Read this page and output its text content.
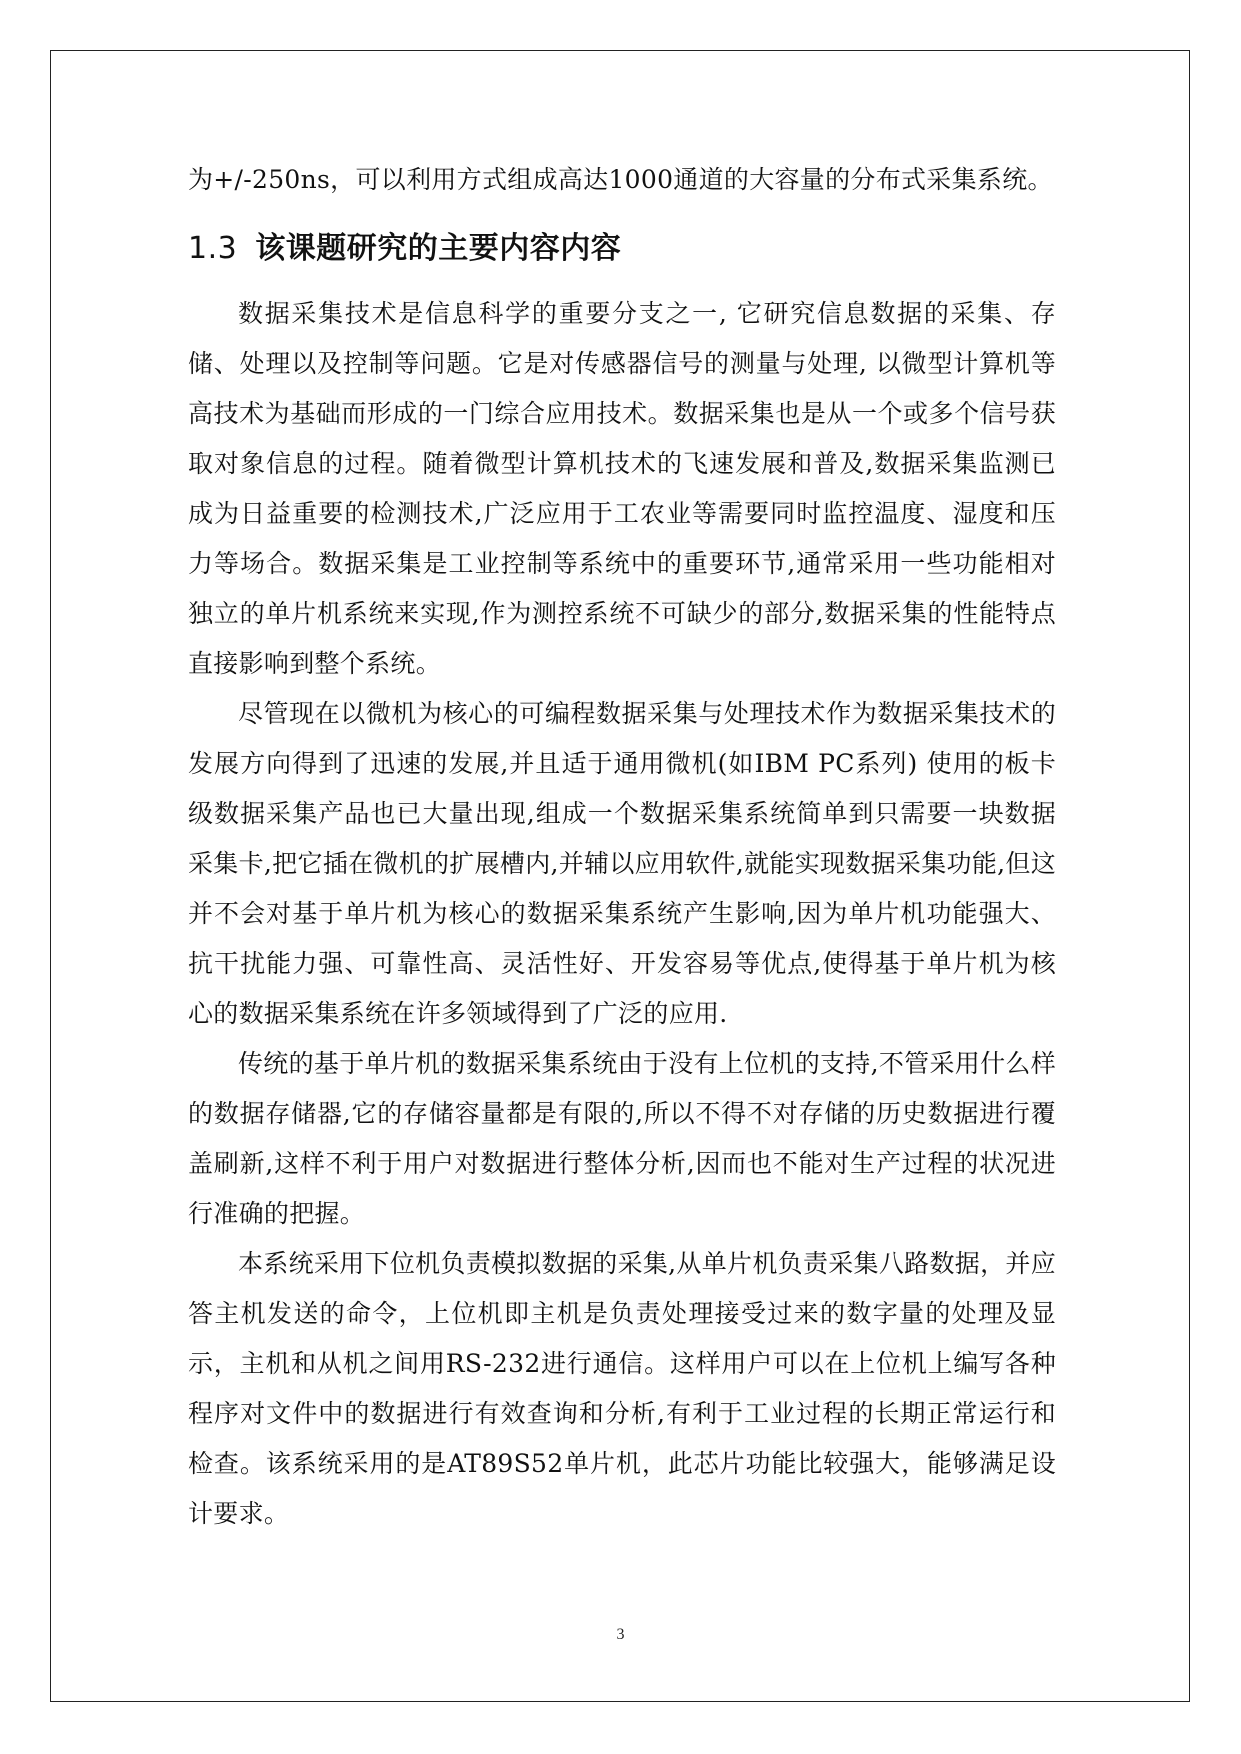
为+/-250ns，可以利用方式组成高达1000通道的大容量的分布式采集系统。

1.3 该课题研究的主要内容内容

数据采集技术是信息科学的重要分支之一, 它研究信息数据的采集、存储、处理以及控制等问题。它是对传感器信号的测量与处理, 以微型计算机等高技术为基础而形成的一门综合应用技术。数据采集也是从一个或多个信号获取对象信息的过程。随着微型计算机技术的飞速发展和普及,数据采集监测已成为日益重要的检测技术,广泛应用于工农业等需要同时监控温度、湿度和压力等场合。数据采集是工业控制等系统中的重要环节,通常采用一些功能相对独立的单片机系统来实现,作为测控系统不可缺少的部分,数据采集的性能特点直接影响到整个系统。

尽管现在以微机为核心的可编程数据采集与处理技术作为数据采集技术的发展方向得到了迅速的发展,并且适于通用微机(如IBM PC系列) 使用的板卡级数据采集产品也已大量出现,组成一个数据采集系统简单到只需要一块数据采集卡,把它插在微机的扩展槽内,并辅以应用软件,就能实现数据采集功能,但这并不会对基于单片机为核心的数据采集系统产生影响,因为单片机功能强大、抗干扰能力强、可靠性高、灵活性好、开发容易等优点,使得基于单片机为核心的数据采集系统在许多领域得到了广泛的应用.

传统的基于单片机的数据采集系统由于没有上位机的支持,不管采用什么样的数据存储器,它的存储容量都是有限的,所以不得不对存储的历史数据进行覆盖刷新,这样不利于用户对数据进行整体分析,因而也不能对生产过程的状况进行准确的把握。

本系统采用下位机负责模拟数据的采集,从单片机负责采集八路数据，并应答主机发送的命令，上位机即主机是负责处理接受过来的数字量的处理及显示，主机和从机之间用RS-232进行通信。这样用户可以在上位机上编写各种程序对文件中的数据进行有效查询和分析,有利于工业过程的长期正常运行和检查。该系统采用的是AT89S52单片机，此芯片功能比较强大，能够满足设计要求。

3
